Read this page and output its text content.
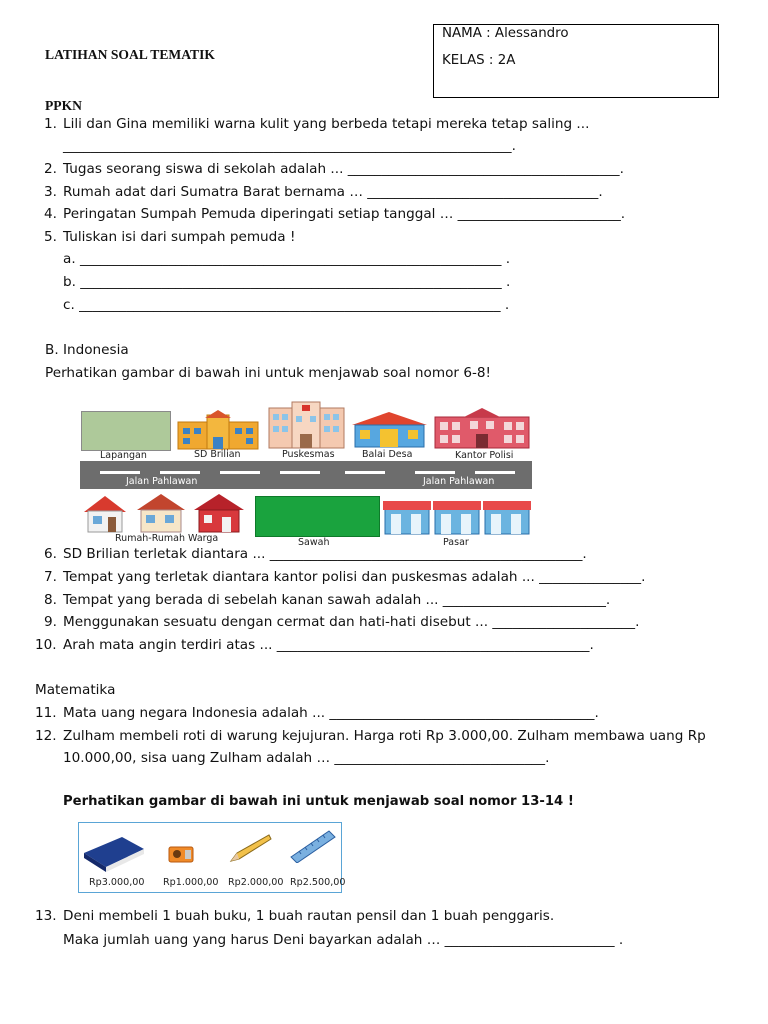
LATIHAN SOAL TEMATIK
NAMA : Alessandro
KELAS : 2A
PPKN
1. Lili dan Gina memiliki warna kulit yang berbeda tetapi mereka tetap saling ...
__________________________________________________________________.
2. Tugas seorang siswa di sekolah adalah ... ________________________________________.
3. Rumah adat dari Sumatra Barat bernama … __________________________________.
4. Peringatan Sumpah Pemuda diperingati setiap tanggal … ________________________.
5. Tuliskan isi dari sumpah pemuda !
a. ______________________________________________________________ .
b. ______________________________________________________________ .
c. ______________________________________________________________ .
B. Indonesia
Perhatikan gambar di bawah ini untuk menjawab soal nomor 6-8!
Lapangan	SD Brilian	Puskesmas	Balai Desa	Kantor Polisi
Jalan Pahlawan	Jalan Pahlawan
Rumah-Rumah Warga	Sawah	Pasar
6. SD Brilian terletak diantara ... ______________________________________________.
7. Tempat yang terletak diantara kantor polisi dan puskesmas adalah ... _______________.
8. Tempat yang berada di sebelah kanan sawah adalah ... ________________________.
9. Menggunakan sesuatu dengan cermat dan hati-hati disebut ... _____________________.
10. Arah mata angin terdiri atas ... ______________________________________________.
Matematika
11. Mata uang negara Indonesia adalah ... _______________________________________.
12. Zulham membeli roti di warung kejujuran. Harga roti Rp 3.000,00. Zulham membawa uang Rp
10.000,00, sisa uang Zulham adalah … _______________________________.
Perhatikan gambar di bawah ini untuk menjawab soal nomor 13-14 !
Rp3.000,00 Rp1.000,00 Rp2.000,00 Rp2.500,00
13. Deni membeli 1 buah buku, 1 buah rautan pensil dan 1 buah penggaris.
Maka jumlah uang yang harus Deni bayarkan adalah … _________________________ .
